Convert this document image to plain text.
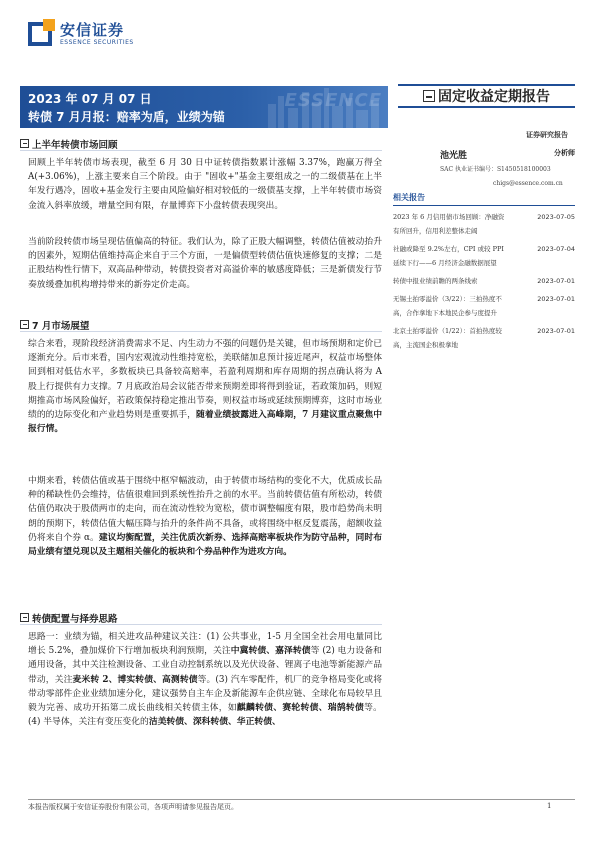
安信证券
ESSENCE SECURITIES
ESSENCE
2023 年 07 月 07 日
转债 7 月月报：赔率为盾，业绩为锚
固定收益定期报告
证券研究报告
池光胜	分析师
SAC 执业证书编号：S1450518100003
chigs@essence.com.cn
相关报告
2023 年 6 月信用债市场回顾：净融资有所回升，信用利差整体走阔
2023-07-05
社融或降至 9.2%左右，CPI 或较 PPI 延续下行——6 月经济金融数据展望
2023-07-04
转债中报业绩前瞻的两条线索	2023-07-01
无锡土拍零溢价（3/22）：三拍热度不高，合作拿地下本地民企参与度提升
2023-07-01
北京土拍零溢价（1/22）：首拍热度较高，主流国企积极拿地
2023-07-01
上半年转债市场回顾
回顾上半年转债市场表现，截至 6 月 30 日中证转债指数累计涨幅 3.37%，跑赢万得全 A(+3.06%)，上涨主要来自三个阶段。由于 "固收+"基金主要组成之一的二级债基在上半年发行遇冷，固收+基金发行主要由风险偏好相对较低的一级债基支撑，上半年转债市场资金流入斜率放缓，增量空间有限，存量博弈下小盘转债表现突出。
当前阶段转债市场呈现估值偏高的特征。我们认为，除了正股大幅调整，转债估值被动抬升的因素外，短期估值维持高企来自于三个方面，一是偏债型转债估值快速修复的支撑；二是正股结构性行情下，双高品种带动，转债投资者对高溢价率的敏感度降低；三是新债发行节奏放缓叠加机构增持带来的新券定价走高。
7 月市场展望
综合来看，现阶段经济消费需求不足、内生动力不强的问题仍是关键，但市场预期和定价已逐渐充分。后市来看，国内宏观流动性维持宽松，美联储加息预计接近尾声，权益市场整体回到相对低估水平，多数板块已具备较高赔率，若盈利周期和库存周期的拐点确认将为 A 股上行提供有力支撑。7 月底政治局会议能否带来预期差即将得到验证，若政策加码，则短期推高市场风险偏好，若政策保持稳定推出节奏，则权益市场或延续预期博弈，这时市场业绩的的边际变化和产业趋势则是重要抓手，随着业绩披露进入高峰期，7 月建议重点聚焦中报行情。
中期来看，转债估值或基于围绕中枢窄幅波动，由于转债市场结构的变化不大，优质成长品种的稀缺性仍会维持，估值很难回到系统性抬升之前的水平。当前转债估值有所松动，转债估值仍取决于股债两市的走向，而在流动性较为宽松，债市调整幅度有限，股市趋势尚未明朗的预期下，转债估值大幅压降与抬升的条件尚不具备，或将围绕中枢反复震荡，超额收益仍将来自个券 α。建议均衡配置，关注优质次新券、选择高赔率板块作为防守品种，同时布局业绩有望兑现以及主题相关催化的板块和个券品种作为进攻方向。
转债配置与择券思路
思路一：业绩为锚，相关进攻品种建议关注：(1) 公共事业，1-5 月全国全社会用电量同比增长 5.2%，叠加煤价下行增加板块利润预期，关注中冀转债、嘉泽转债等 (2) 电力设备和通用设备，其中关注检测设备、工业自动控制系统以及光伏设备、锂离子电池等新能源产品带动，关注麦米转 2、博实转债、高测转债等。(3) 汽车零配件，机厂的竞争格局变化或将带动零部件企业业绩加速分化，建议强势自主车企及新能源车企供应链、全球化布局较早且毅为完善、成功开拓第二成长曲线相关转债主体，如麒麟转债、赛轮转债、瑞鹄转债等。(4) 半导体，关注有变压变化的洁美转债、深科转债、华正转债、
本报告版权属于安信证券股份有限公司，各项声明请参见报告尾页。	1
